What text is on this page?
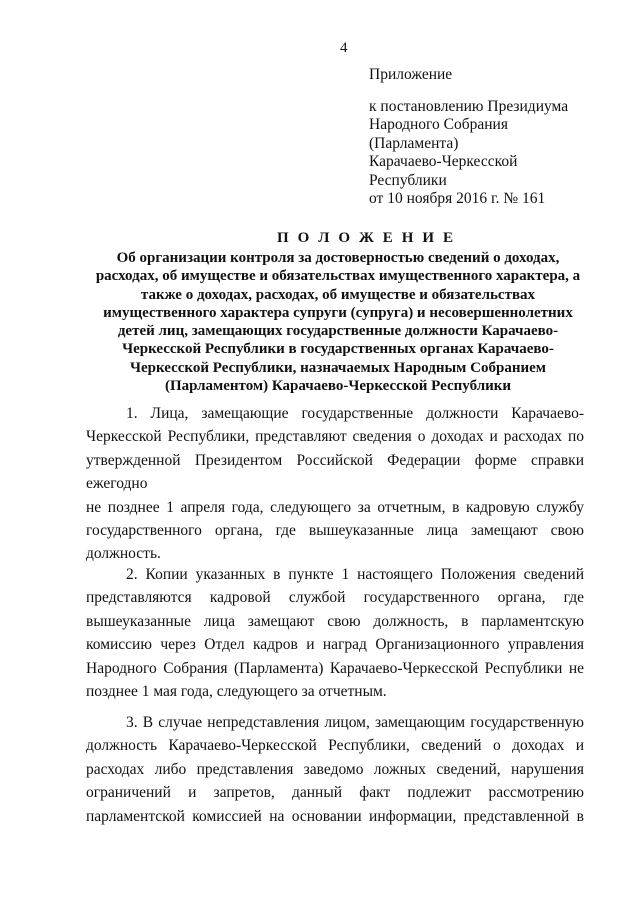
4
Приложение
к постановлению Президиума
Народного Собрания
(Парламента)
Карачаево-Черкесской
Республики
от 10 ноября 2016 г. № 161
П О Л О Ж Е Н И Е
Об организации контроля за достоверностью сведений о доходах,
расходах, об имуществе и обязательствах имущественного характера, а
также о доходах, расходах, об имуществе и обязательствах
имущественного характера супруги (супруга) и несовершеннолетних
детей лиц, замещающих государственные должности Карачаево-
Черкесской Республики в государственных органах Карачаево-
Черкесской Республики, назначаемых Народным Собранием
(Парламентом) Карачаево-Черкесской Республики
1. Лица, замещающие государственные должности Карачаево-
Черкесской Республики, представляют сведения о доходах и расходах по
утвержденной Президентом Российской Федерации форме справки ежегодно
не позднее 1 апреля года, следующего за отчетным, в кадровую службу
государственного органа, где вышеуказанные лица замещают свою
должность.
2. Копии указанных в пункте 1 настоящего Положения сведений
представляются кадровой службой государственного органа, где
вышеуказанные лица замещают свою должность, в парламентскую
комиссию через Отдел кадров и наград Организационного управления
Народного Собрания (Парламента) Карачаево-Черкесской Республики не
позднее 1 мая года, следующего за отчетным.
3. В случае непредставления лицом, замещающим государственную
должность Карачаево-Черкесской Республики, сведений о доходах и
расходах либо представления заведомо ложных сведений, нарушения
ограничений и запретов, данный факт подлежит рассмотрению
парламентской комиссией на основании информации, представленной в
